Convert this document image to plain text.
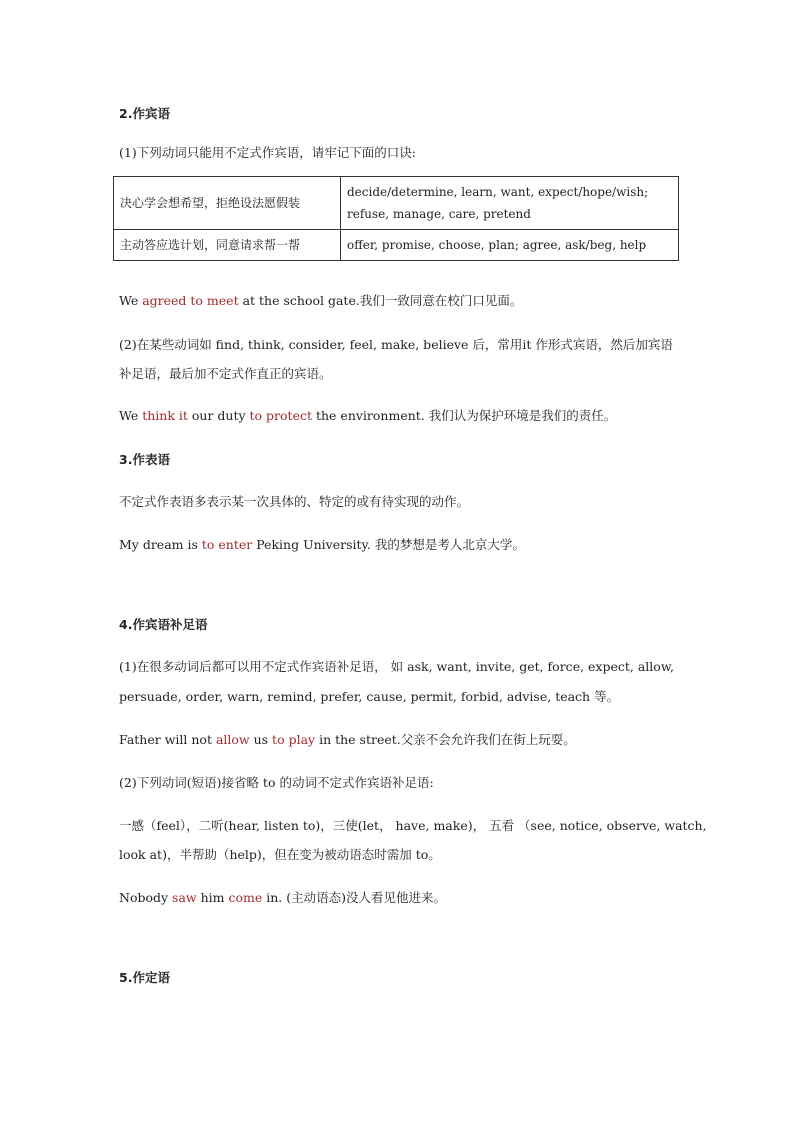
2.作宾语
(1)下列动词只能用不定式作宾语，请牢记下面的口诀:
决心学会想希望，拒绝设法愿假装	decide/determine, learn, want, expect/hope/wish; refuse, manage, care, pretend
主动答应选计划，同意请求帮一帮	offer, promise, choose, plan; agree, ask/beg, help
We agreed to meet at the school gate.我们一致同意在校门口见面。
(2)在某些动词如 find, think, consider, feel, make, believe 后，常用it 作形式宾语，然后加宾语
补足语，最后加不定式作直正的宾语。
We think it our duty to protect the environment. 我们认为保护环境是我们的责任。
3.作表语
不定式作表语多表示某一次具体的、特定的或有待实现的动作。
My dream is to enter Peking University. 我的梦想是考人北京大学。
4.作宾语补足语
(1)在很多动词后都可以用不定式作宾语补足语， 如 ask, want, invite, get, force, expect, allow,
persuade, order, warn, remind, prefer, cause, permit, forbid, advise, teach 等。
Father will not allow us to play in the street.父亲不会允许我们在街上玩耍。
(2)下列动词(短语)接省略 to 的动词不定式作宾语补足语:
一感（feel），二听(hear, listen to)，三使(let， have, make)， 五看 （see, notice, observe, watch,
look at)，半帮助（help)，但在变为被动语态时需加 to。
Nobody saw him come in. (主动语态)没人看见他进来。
5.作定语
